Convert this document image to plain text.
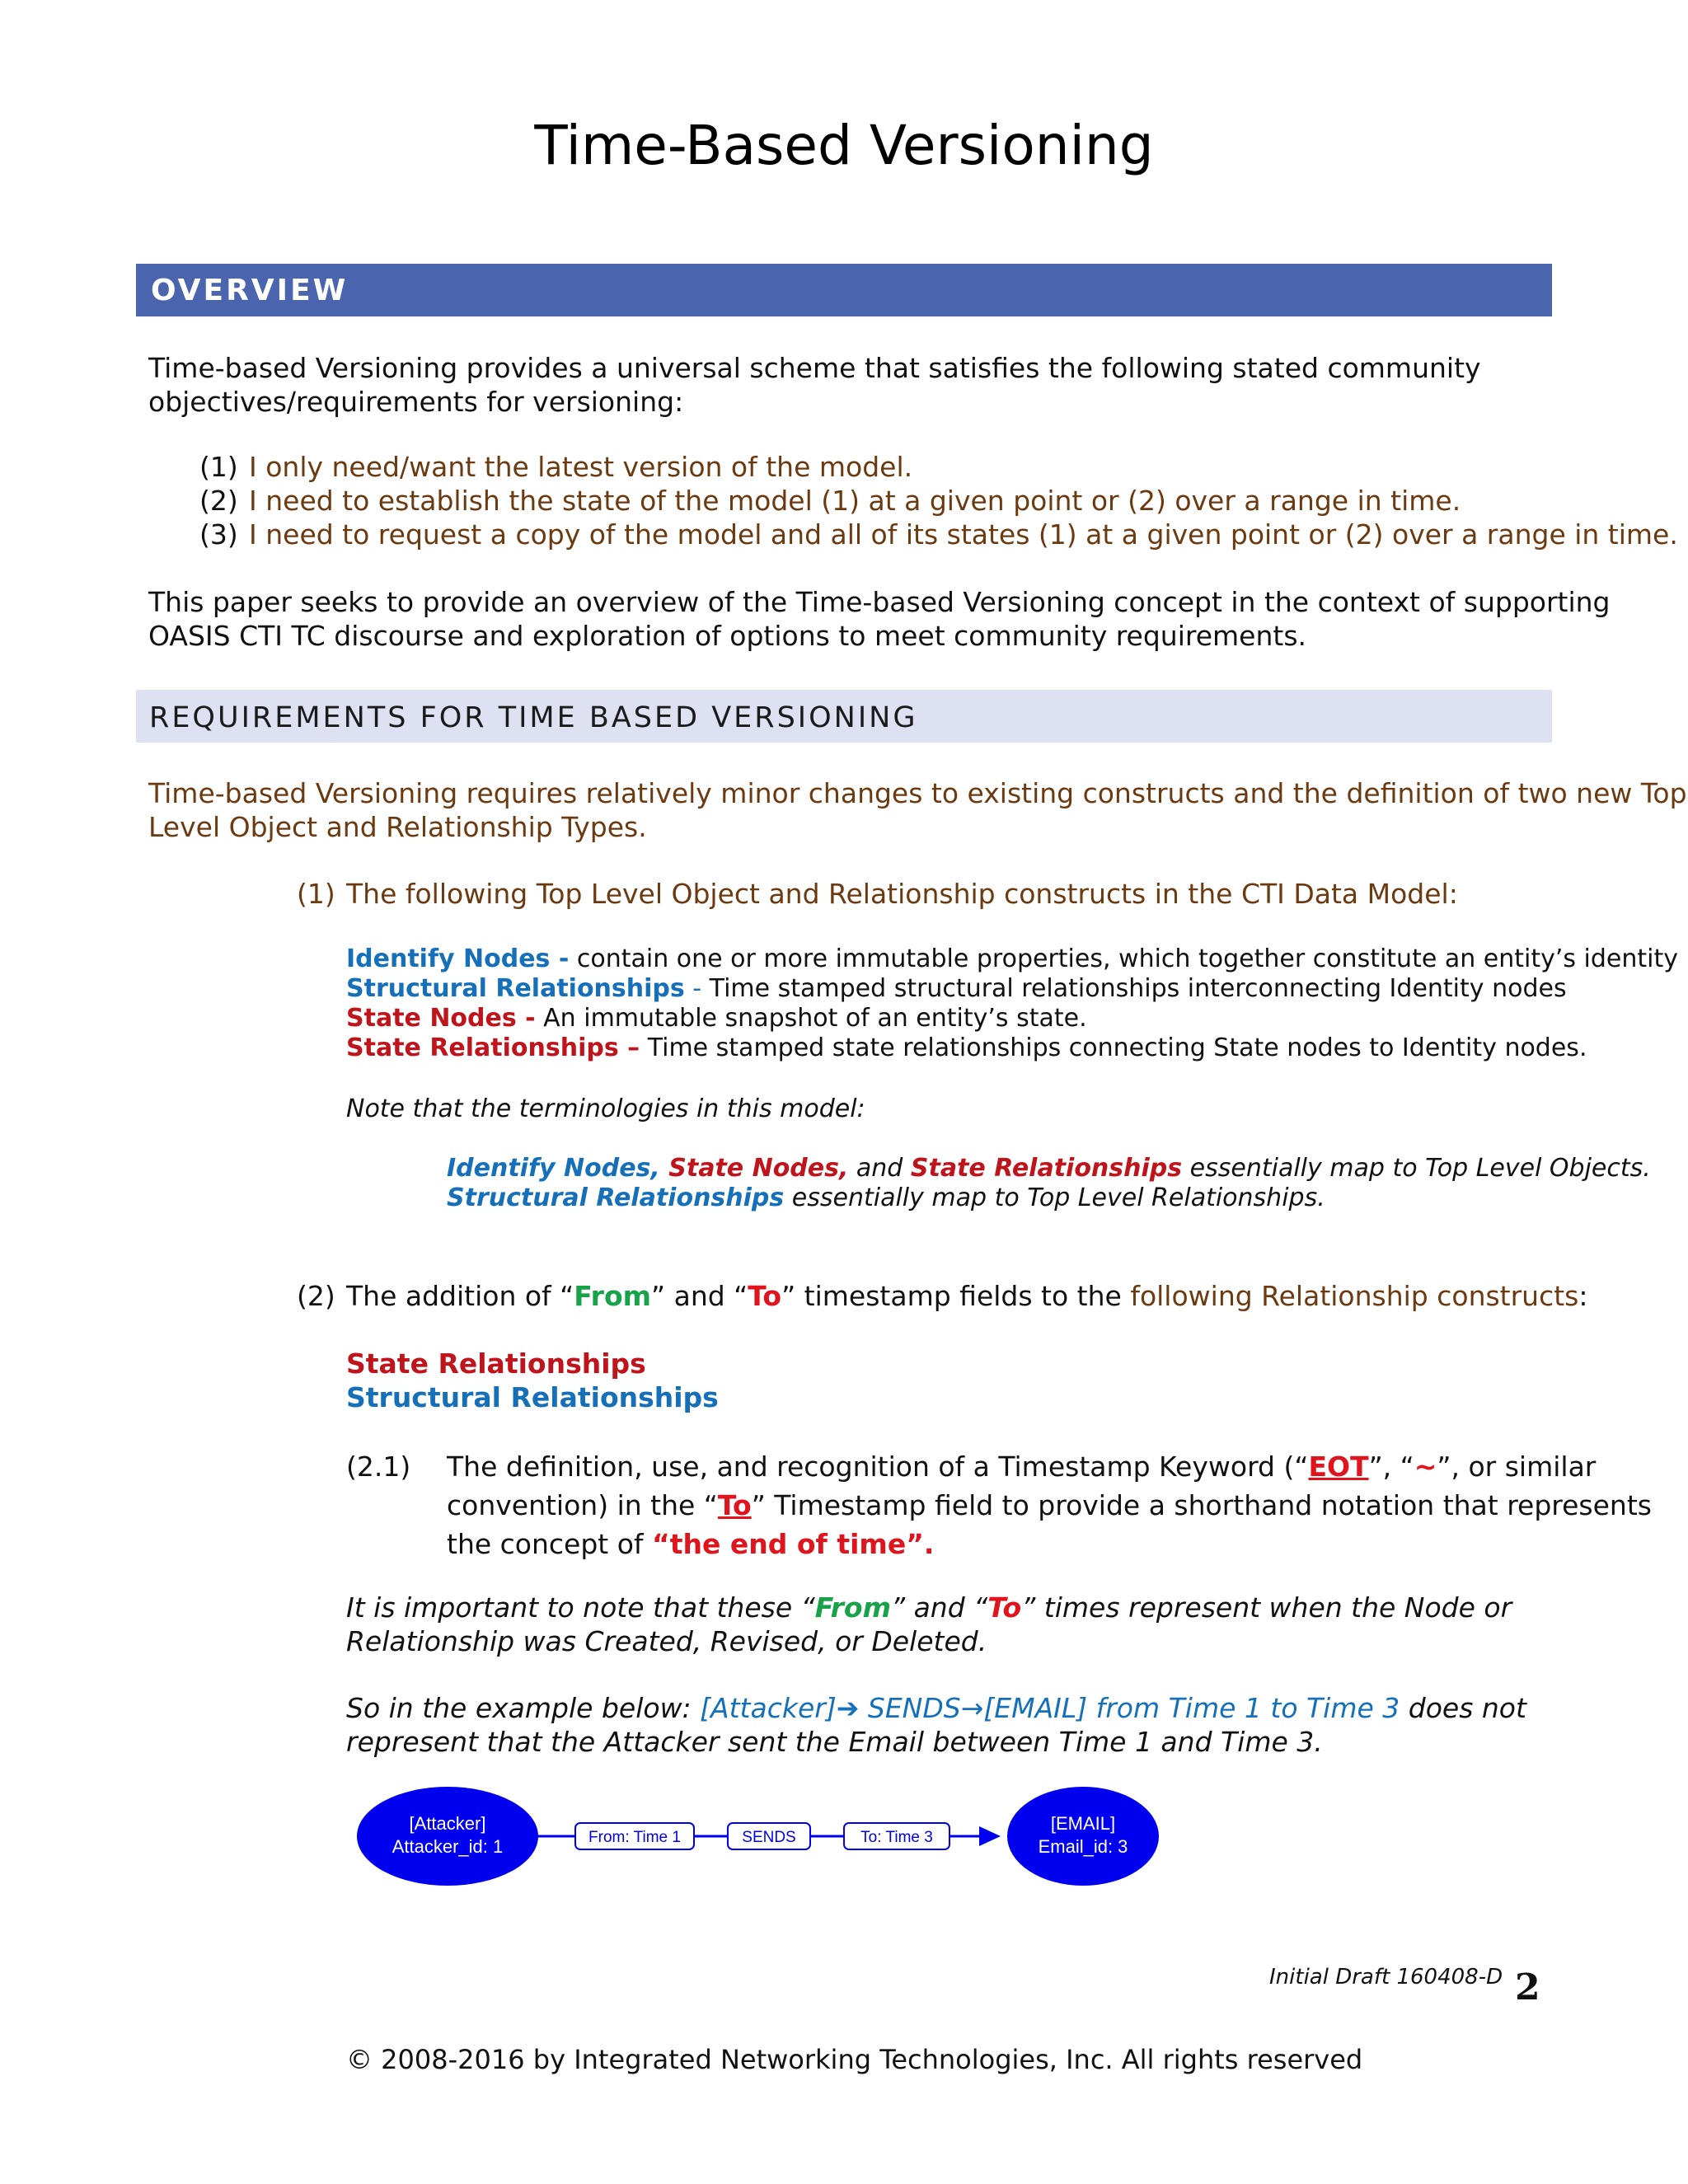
Time-Based Versioning
OVERVIEW
Time-based Versioning provides a universal scheme that satisfies the following stated community
objectives/requirements for versioning:
(1) I only need/want the latest version of the model.
(2) I need to establish the state of the model (1) at a given point or (2) over a range in time.
(3) I need to request a copy of the model and all of its states (1) at a given point or (2) over a range in time.
This paper seeks to provide an overview of the Time-based Versioning concept in the context of supporting
OASIS CTI TC discourse and exploration of options to meet community requirements.
REQUIREMENTS FOR TIME BASED VERSIONING
Time-based Versioning requires relatively minor changes to existing constructs and the definition of two new Top
Level Object and Relationship Types.
(1) The following Top Level Object and Relationship constructs in the CTI Data Model:
Identify Nodes - contain one or more immutable properties, which together constitute an entity’s identity
Structural Relationships - Time stamped structural relationships interconnecting Identity nodes
State Nodes - An immutable snapshot of an entity’s state.
State Relationships – Time stamped state relationships connecting State nodes to Identity nodes.
Note that the terminologies in this model:
Identify Nodes, State Nodes, and State Relationships essentially map to Top Level Objects.
Structural Relationships essentially map to Top Level Relationships.
(2) The addition of “From” and “To” timestamp fields to the following Relationship constructs:
State Relationships
Structural Relationships
(2.1) The definition, use, and recognition of a Timestamp Keyword (“EOT”, “~”, or similar
convention) in the “To” Timestamp field to provide a shorthand notation that represents
the concept of “the end of time”.
It is important to note that these “From” and “To” times represent when the Node or
Relationship was Created, Revised, or Deleted.
So in the example below: [Attacker]➔ SENDS→[EMAIL] from Time 1 to Time 3 does not
represent that the Attacker sent the Email between Time 1 and Time 3.
[Attacker]
Attacker_id: 1	From: Time 1	SENDS	To: Time 3
[EMAIL]
Email_id: 3
Initial Draft 160408-D 2
© 2008-2016 by Integrated Networking Technologies, Inc. All rights reserved
